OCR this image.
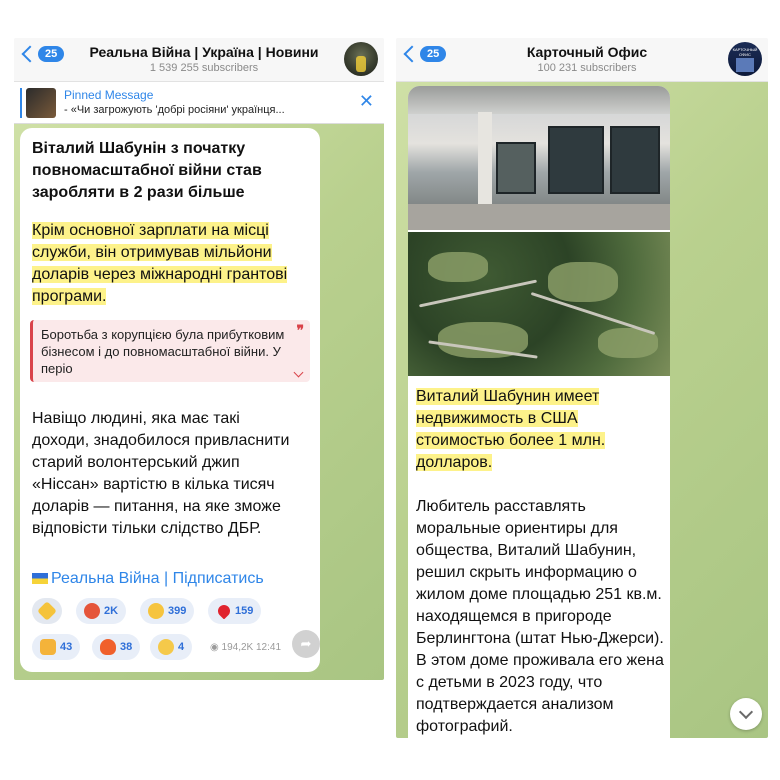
25	Реальна Війна | Україна | Новини
1 539 255 subscribers
Pinned Message
- «Чи загрожують 'добрі росіяни' українця...	✕
Віталий Шабунін з початку повномасштабної війни став заробляти в 2 рази більше
Крім основної зарплати на місці служби, він отримував мільйони доларів через міжнародні грантові програми.
❞
Боротьба з корупцією була прибутковим бізнесом і до повномасштабної війни. У періо
Навіщо людині, яка має такі доходи, знадобилося привласнити старий волонтерський джип «Ніссан» вартістю в кілька тисяч доларів — питання, на яке зможе відповісти тільки слідство ДБР.
Реальна Війна | Підписатись
2K	399	159
43	38	4	◉ 194,2K 12:41 ➦
25	Карточный Офис
100 231 subscribers
КАРТОЧНЫЙ ОФИС
Виталий Шабунин имеет недвижимость в США стоимостью более 1 млн. долларов.
Любитель расставлять моральные ориентиры для общества, Виталий Шабунин, решил скрыть информацию о жилом доме площадью 251 кв.м. находящемся в пригороде Берлингтона (штат Нью-Джерси). В этом доме проживала его жена с детьми в 2023 году, что подтверждается анализом фотографий.
